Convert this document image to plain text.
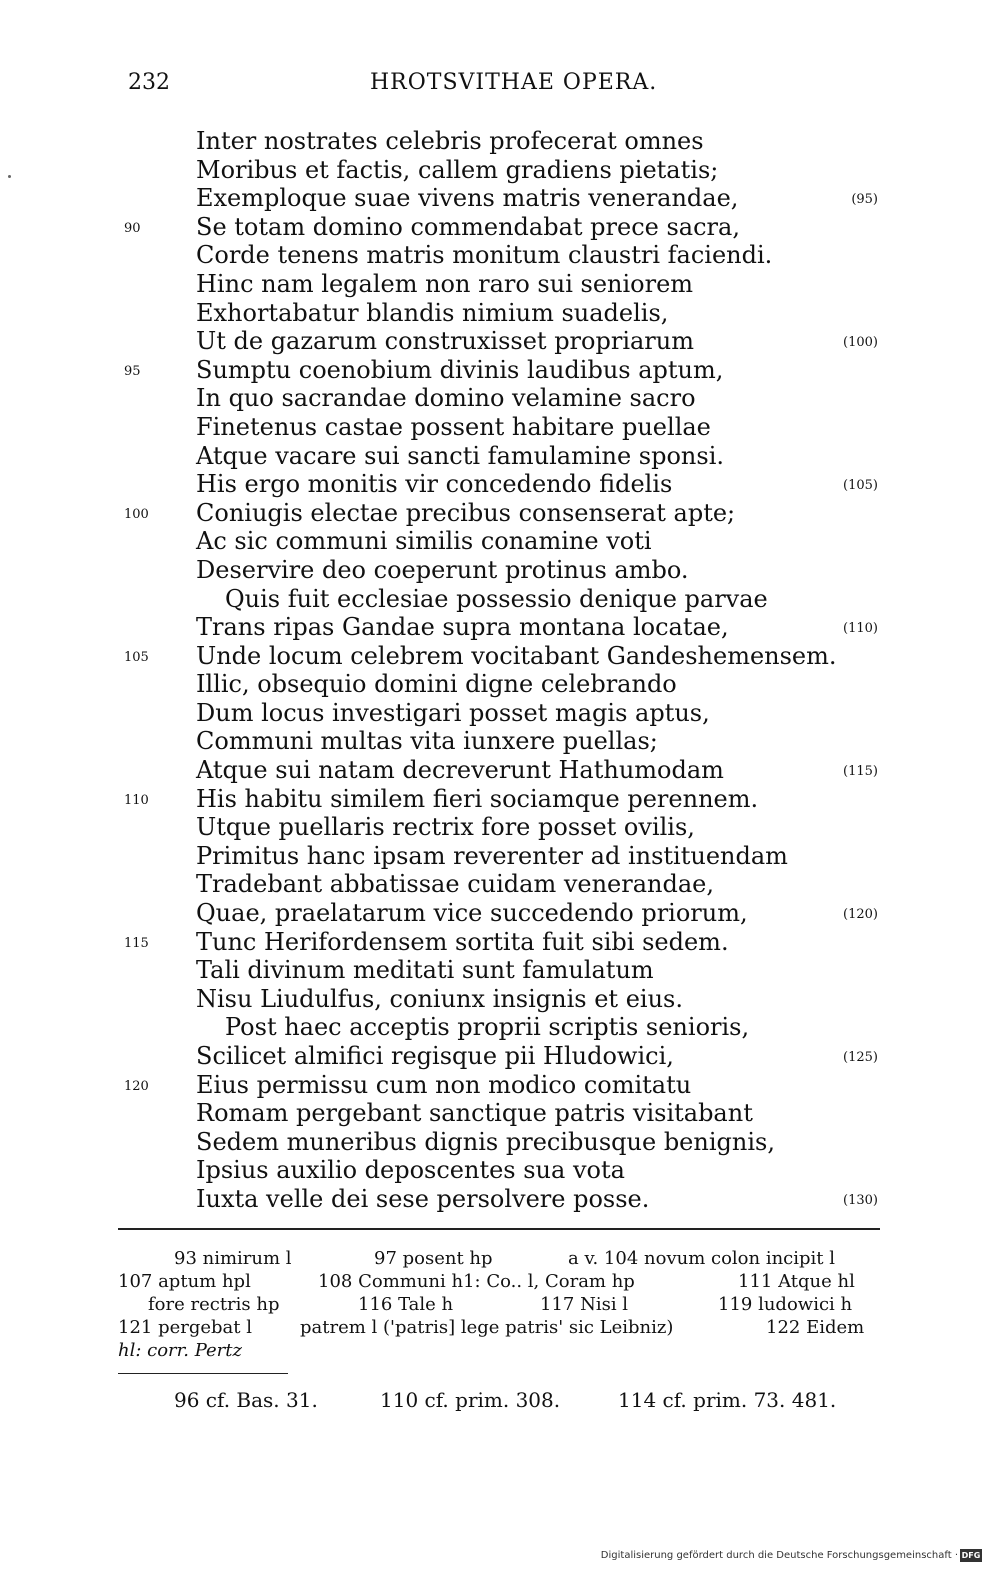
232	HROTSVITHAE OPERA.
Inter nostrates celebris profecerat omnes
Moribus et factis, callem gradiens pietatis;
Exemploque suae vivens matris venerandae,	(95)
90 Se totam domino commendabat prece sacra,
Corde tenens matris monitum claustri faciendi.
Hinc nam legalem non raro sui seniorem
Exhortabatur blandis nimium suadelis,
Ut de gazarum construxisset propriarum	(100)
95 Sumptu coenobium divinis laudibus aptum,
In quo sacrandae domino velamine sacro
Finetenus castae possent habitare puellae
Atque vacare sui sancti famulamine sponsi.
His ergo monitis vir concedendo fidelis	(105)
100 Coniugis electae precibus consenserat apte;
Ac sic communi similis conamine voti
Deservire deo coeperunt protinus ambo.
Quis fuit ecclesiae possessio denique parvae
Trans ripas Gandae supra montana locatae,	(110)
105 Unde locum celebrem vocitabant Gandeshemensem.
Illic, obsequio domini digne celebrando
Dum locus investigari posset magis aptus,
Communi multas vita iunxere puellas;
Atque sui natam decreverunt Hathumodam	(115)
110 His habitu similem fieri sociamque perennem.
Utque puellaris rectrix fore posset ovilis,
Primitus hanc ipsam reverenter ad instituendam
Tradebant abbatissae cuidam venerandae,
Quae, praelatarum vice succedendo priorum,	(120)
115 Tunc Herifordensem sortita fuit sibi sedem.
Tali divinum meditati sunt famulatum
Nisu Liudulfus, coniunx insignis et eius.
Post haec acceptis proprii scriptis senioris,
Scilicet almifici regisque pii Hludowici,	(125)
120 Eius permissu cum non modico comitatu
Romam pergebant sanctique patris visitabant
Sedem muneribus dignis precibusque benignis,
Ipsius auxilio deposcentes sua vota
Iuxta velle dei sese persolvere posse.	(130)
93 nimirum l	97 posent hp	a v. 104 novum colon incipit l
107 aptum hpl	108 Communi h1: Co.. l, Coram hp	111 Atque hl
fore rectris hp	116 Tale h	117 Nisi l	119 ludowici h
121 pergebat l	patrem l ('patris] lege patris' sic Leibniz)	122 Eidem
hl: corr. Pertz
96 cf. Bas. 31.	110 cf. prim. 308.	114 cf. prim. 73. 481.
Digitalisierung gefördert durch die Deutsche Forschungsgemeinschaft · DFG
